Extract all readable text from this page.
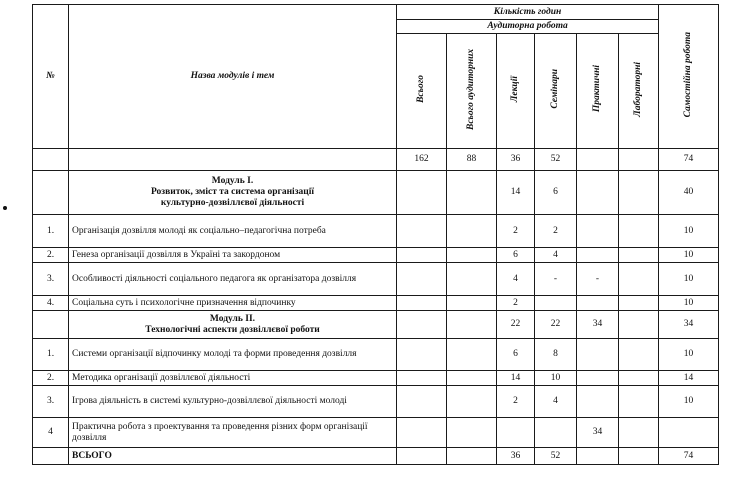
№	Назва модулів і тем	Кількість годин						Самостійна робота
		Аудиторна робота						
		Всього	Всього аудиторних	Лекції	Семінари	Практичні	Лабораторні	
		162	88	36	52			74

	Модуль І.
Розвиток, зміст та система організації
культурно-дозвіллєвої діяльності			14	6			40
1.	Організація дозвілля молоді як соціально–педагогічна потреба			2	2			10
2.	Генеза організації дозвілля в Україні та закордоном			6	4			10
3.	Особливості діяльності соціального педагога як організатора дозвілля			4	-	-		10
4.	Соціальна суть і психологічне призначення відпочинку			2				10

	Модуль ІІ.
Технологічні аспекти дозвіллєвої роботи			22	22	34		34
1.	Системи організації відпочинку молоді та форми проведення дозвілля			6	8			10
2.	Методика організації дозвіллєвої діяльності			14	10			14
3.	Ігрова діяльність в системі культурно-дозвіллєвої діяльності молоді			2	4			10
4	Практична робота з проектування та проведення різних форм організації дозвілля					34		
	ВСЬОГО			36	52			74
